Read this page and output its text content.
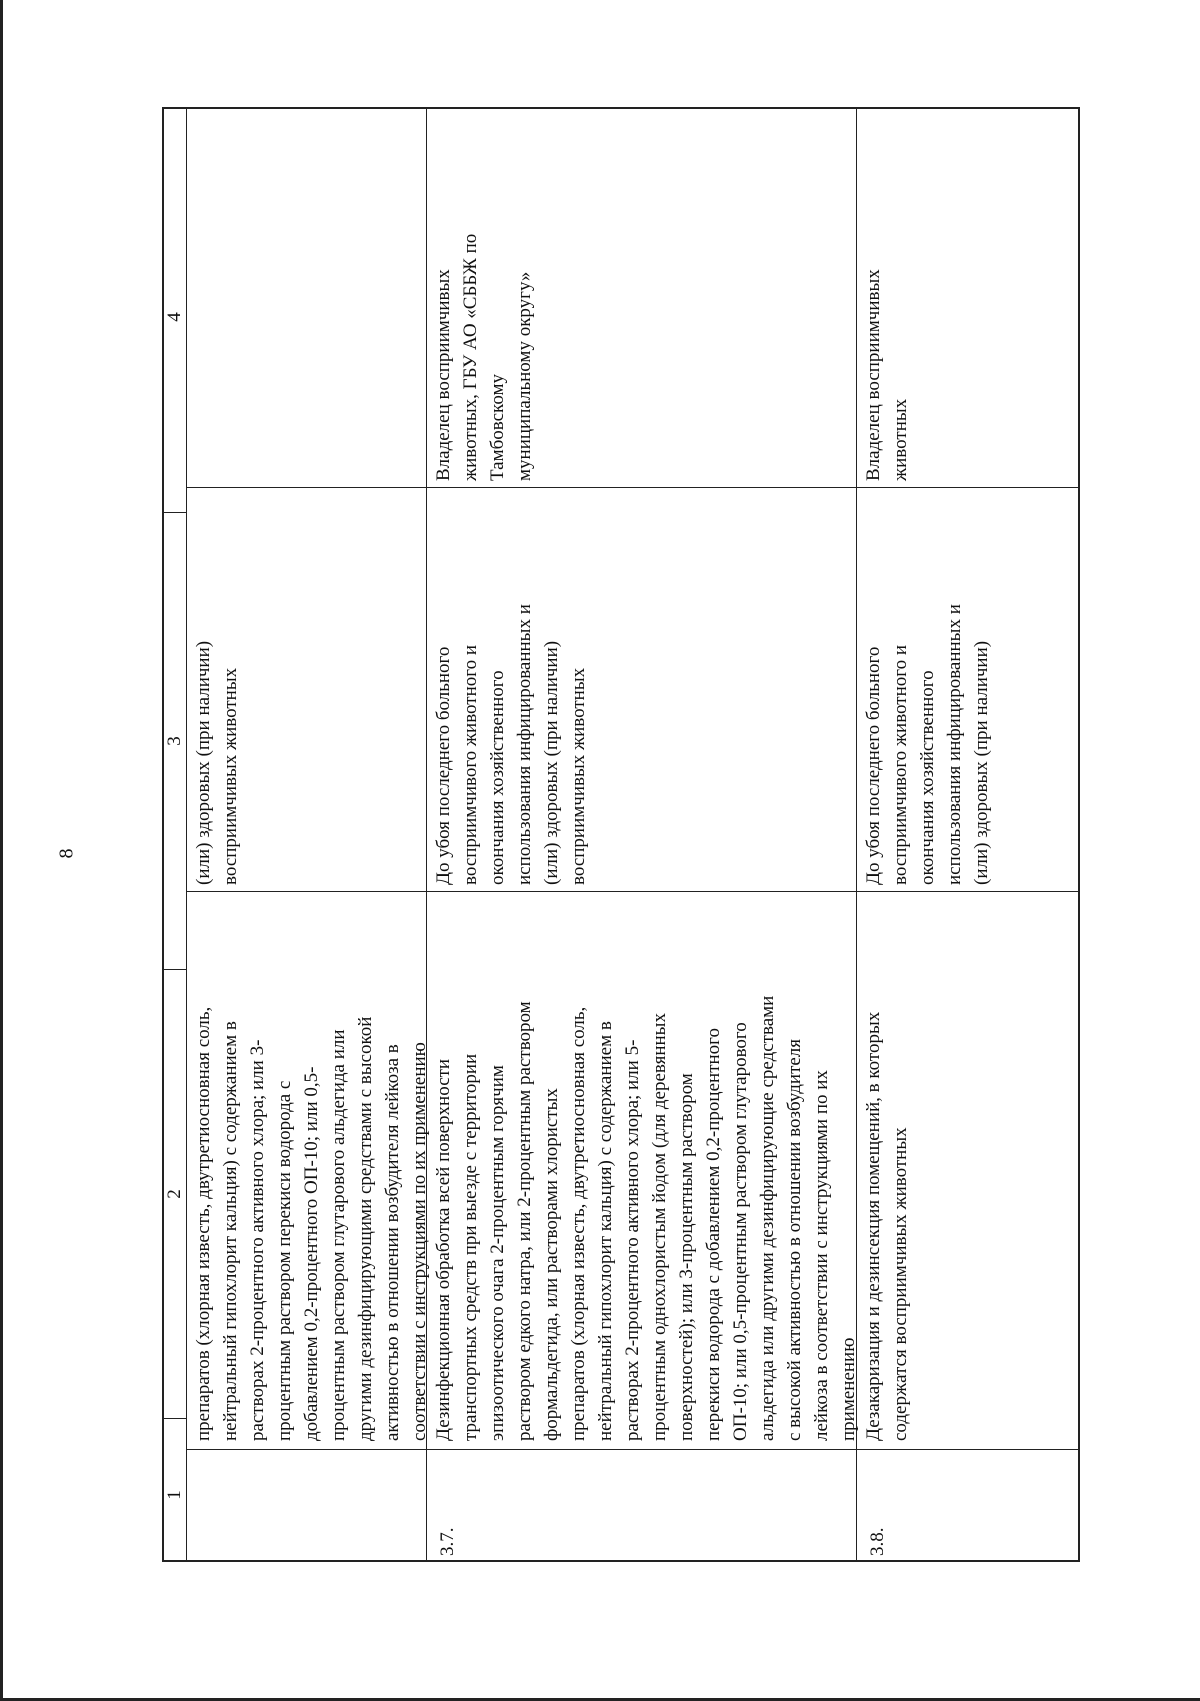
8
1
2
3
4
3.7.	3.8.
препаратов (хлорная известь, двутретиосновная соль, нейтральный гипохлорит кальция) с содержанием в растворах 2-процентного активного хлора; или 3- процентным раствором перекиси водорода с добавлением 0,2-процентного ОП-10; или 0,5- процентным раствором глутарового альдегида или другими дезинфицирующими средствами с высокой активностью в отношении возбудителя лейкоза в соответствии с инструкциями по их применению
(или) здоровых (при наличии) восприимчивых животных
Дезинфекционная обработка всей поверхности транспортных средств при выезде с территории эпизоотического очага 2-процентным горячим раствором едкого натра, или 2-процентным раствором формальдегида, или растворами хлористых препаратов (хлорная известь, двутретиосновная соль, нейтральный гипохлорит кальция) с содержанием в растворах 2-процентного активного хлора; или 5- процентным однохлористым йодом (для деревянных поверхностей); или 3-процентным раствором перекиси водорода с добавлением 0,2-процентного ОП-10; или 0,5-процентным раствором глутарового альдегида или другими дезинфицирующие средствами с высокой активностью в отношении возбудителя лейкоза в соответствии с инструкциями по их применению
До убоя последнего больного восприимчивого животного и окончания хозяйственного использования инфицированных и (или) здоровых (при наличии) восприимчивых животных
Владелец восприимчивых животных, ГБУ АО «СББЖ по Тамбовскому муниципальному округу»
Дезакаризация и дезинсекция помещений, в которых содержатся восприимчивых животных
До убоя последнего больного восприимчивого животного и окончания хозяйственного использования инфицированных и (или) здоровых (при наличии)
Владелец восприимчивых животных
